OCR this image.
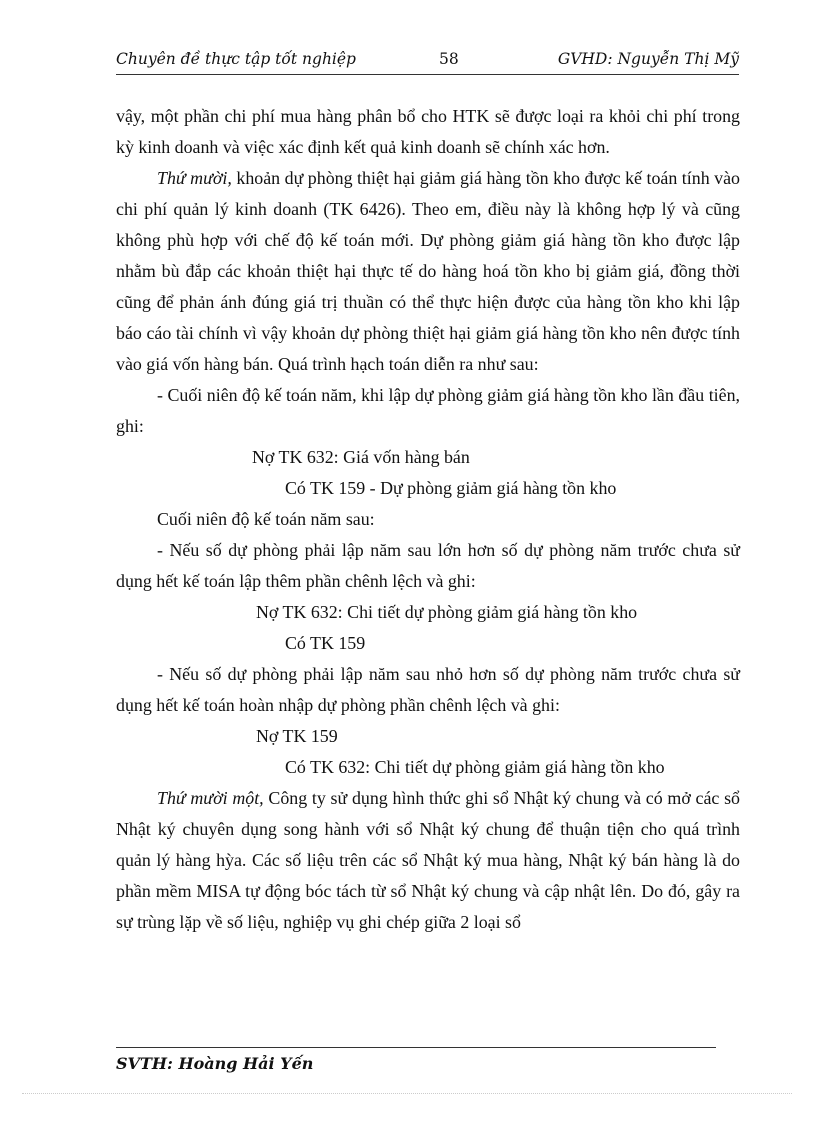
Chuyên đề thực tập tốt nghiệp	58	GVHD: Nguyễn Thị Mỹ

vậy, một phần chi phí mua hàng phân bổ cho HTK sẽ được loại ra khỏi chi phí trong kỳ kinh doanh và việc xác định kết quả kinh doanh sẽ chính xác hơn.

Thứ mười, khoản dự phòng thiệt hại giảm giá hàng tồn kho được kế toán tính vào chi phí quản lý kinh doanh (TK 6426). Theo em, điều này là không hợp lý và cũng không phù hợp với chế độ kế toán mới. Dự phòng giảm giá hàng tồn kho được lập nhằm bù đắp các khoản thiệt hại thực tế do hàng hoá tồn kho bị giảm giá, đồng thời cũng để phản ánh đúng giá trị thuần có thể thực hiện được của hàng tồn kho khi lập báo cáo tài chính vì vậy khoản dự phòng thiệt hại giảm giá hàng tồn kho nên được tính vào giá vốn hàng bán. Quá trình hạch toán diễn ra như sau:

- Cuối niên độ kế toán năm, khi lập dự phòng giảm giá hàng tồn kho lần đầu tiên, ghi:

Nợ TK 632: Giá vốn hàng bán

Có TK 159 - Dự phòng giảm giá hàng tồn kho

Cuối niên độ kế toán năm sau:

- Nếu số dự phòng phải lập năm sau lớn hơn số dự phòng năm trước chưa sử dụng hết kế toán lập thêm phần chênh lệch và ghi:

Nợ TK 632: Chi tiết dự phòng giảm giá hàng tồn kho

Có TK 159

- Nếu số dự phòng phải lập năm sau nhỏ hơn số dự phòng năm trước chưa sử dụng hết kế toán hoàn nhập dự phòng phần chênh lệch và ghi:

Nợ TK 159

Có TK 632: Chi tiết dự phòng giảm giá hàng tồn kho

Thứ mười một, Công ty sử dụng hình thức ghi sổ Nhật ký chung và có mở các sổ Nhật ký chuyên dụng song hành với sổ Nhật ký chung để thuận tiện cho quá trình quản lý hàng hỳa. Các số liệu trên các sổ Nhật ký mua hàng, Nhật ký bán hàng là do phần mềm MISA tự động bóc tách từ sổ Nhật ký chung và cập nhật lên. Do đó, gây ra sự trùng lặp về số liệu, nghiệp vụ ghi chép giữa 2 loại sổ

SVTH: Hoàng Hải Yến
